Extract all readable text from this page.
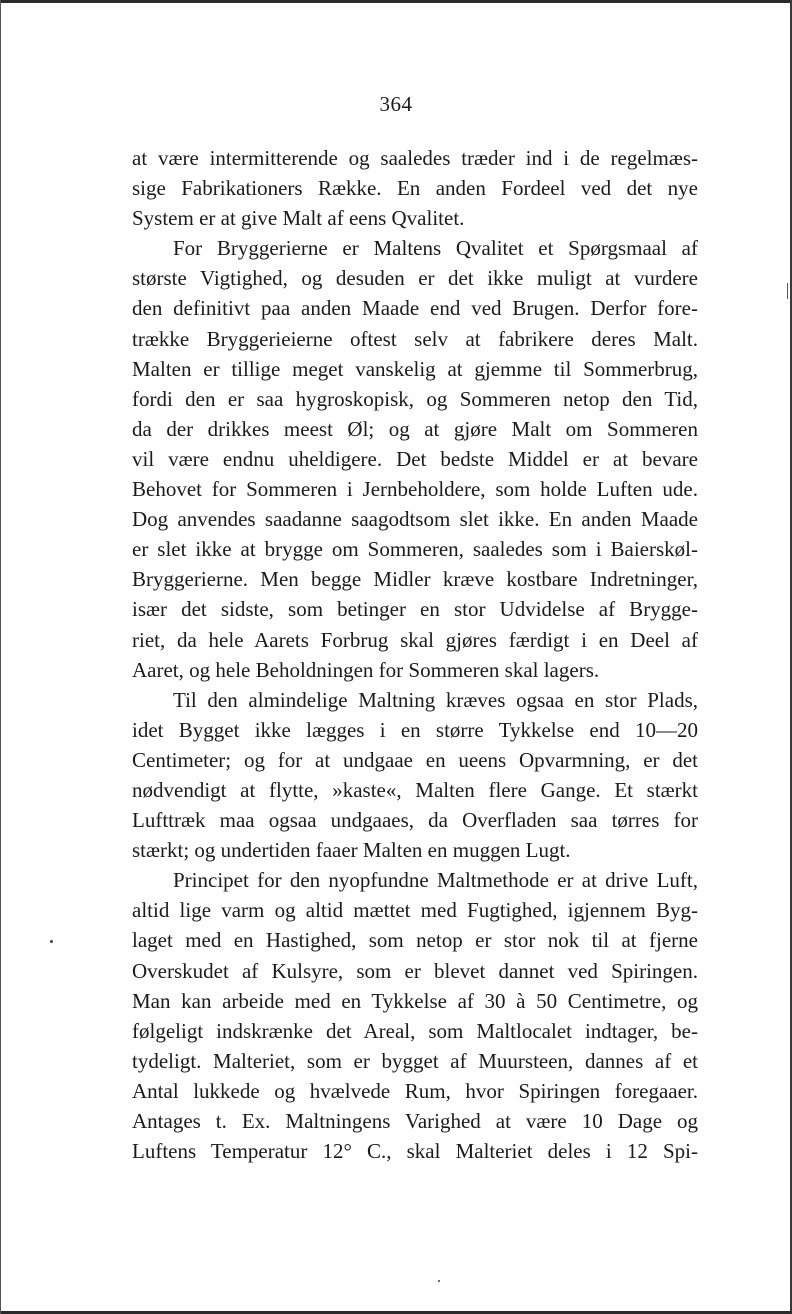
364
at være intermitterende og saaledes træder ind i de regelmæs-
sige Fabrikationers Række. En anden Fordeel ved det nye
System er at give Malt af eens Qvalitet.
For Bryggerierne er Maltens Qvalitet et Spørgsmaal af
største Vigtighed, og desuden er det ikke muligt at vurdere
den definitivt paa anden Maade end ved Brugen. Derfor fore-
trække Bryggerieierne oftest selv at fabrikere deres Malt.
Malten er tillige meget vanskelig at gjemme til Sommerbrug,
fordi den er saa hygroskopisk, og Sommeren netop den Tid,
da der drikkes meest Øl; og at gjøre Malt om Sommeren
vil være endnu uheldigere. Det bedste Middel er at bevare
Behovet for Sommeren i Jernbeholdere, som holde Luften ude.
Dog anvendes saadanne saagodtsom slet ikke. En anden Maade
er slet ikke at brygge om Sommeren, saaledes som i Baierskøl-
Bryggerierne. Men begge Midler kræve kostbare Indretninger,
især det sidste, som betinger en stor Udvidelse af Brygge-
riet, da hele Aarets Forbrug skal gjøres færdigt i en Deel af
Aaret, og hele Beholdningen for Sommeren skal lagers.
Til den almindelige Maltning kræves ogsaa en stor Plads,
idet Bygget ikke lægges i en større Tykkelse end 10—20
Centimeter; og for at undgaae en ueens Opvarmning, er det
nødvendigt at flytte, »kaste«, Malten flere Gange. Et stærkt
Lufttræk maa ogsaa undgaaes, da Overfladen saa tørres for
stærkt; og undertiden faaer Malten en muggen Lugt.
Principet for den nyopfundne Maltmethode er at drive Luft,
altid lige varm og altid mættet med Fugtighed, igjennem Byg-
laget med en Hastighed, som netop er stor nok til at fjerne
Overskudet af Kulsyre, som er blevet dannet ved Spiringen.
Man kan arbeide med en Tykkelse af 30 à 50 Centimetre, og
følgeligt indskrænke det Areal, som Maltlocalet indtager, be-
tydeligt. Malteriet, som er bygget af Muursteen, dannes af et
Antal lukkede og hvælvede Rum, hvor Spiringen foregaaer.
Antages t. Ex. Maltningens Varighed at være 10 Dage og
Luftens Temperatur 12° C., skal Malteriet deles i 12 Spi-
